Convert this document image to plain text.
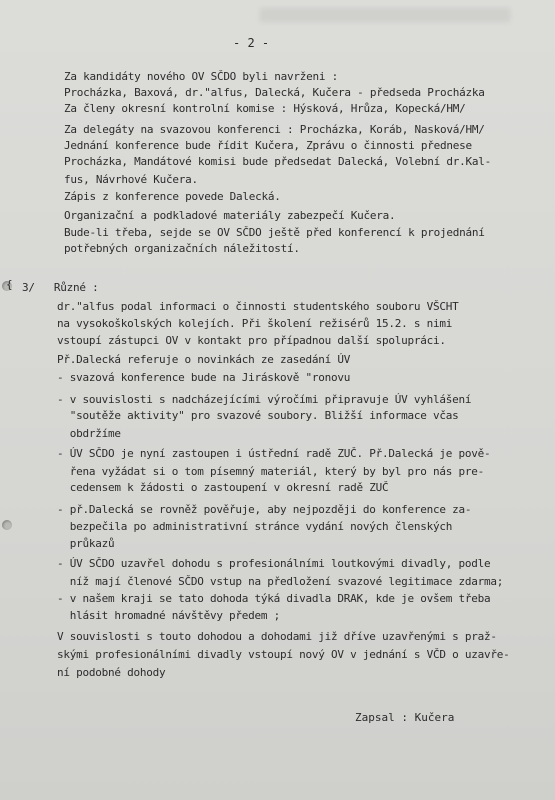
- 2 -
{
Za kandidáty nového OV SČDO byli navrženi :
Procházka, Baxová, dr."alfus, Dalecká, Kučera - předseda Procházka
Za členy okresní kontrolní komise : Hýsková, Hrůza, Kopecká/HM/
Za delegáty na svazovou konferenci : Procházka, Koráb, Nasková/HM/
Jednání konference bude řídit Kučera, Zprávu o činnosti přednese
Procházka, Mandátové komisi bude předsedat Dalecká, Volební dr.Kal-
fus, Návrhové Kučera.
Zápis z konference povede Dalecká.
Organizační a podkladové materiály zabezpečí Kučera.
Bude-li třeba, sejde se OV SČDO ještě před konferencí k projednání
potřebných organizačních náležitostí.
3/   Různé :
dr."alfus podal informaci o činnosti studentského souboru VŠCHT
na vysokoškolských kolejích. Při školení režisérů 15.2. s nimi
vstoupí zástupci OV v kontakt pro případnou další spolupráci.
Př.Dalecká referuje o novinkách ze zasedání ÚV
- svazová konference bude na Jiráskově "ronovu
- v souvislosti s nadcházejícími výročími připravuje ÚV vyhlášení
"soutěže aktivity" pro svazové soubory. Bližší informace včas
obdržíme
- ÚV SČDO je nyní zastoupen i ústřední radě ZUČ. Př.Dalecká je pově-
řena vyžádat si o tom písemný materiál, který by byl pro nás pre-
cedensem k žádosti o zastoupení v okresní radě ZUČ
- př.Dalecká se rovněž pověřuje, aby nejpozději do konference za-
bezpečila po administrativní stránce vydání nových členských
průkazů
- ÚV SČDO uzavřel dohodu s profesionálními loutkovými divadly, podle
níž mají členové SČDO vstup na předložení svazové legitimace zdarma;
- v našem kraji se tato dohoda týká divadla DRAK, kde je ovšem třeba
hlásit hromadné návštěvy předem ;
V souvislosti s touto dohodou a dohodami již dříve uzavřenými s praž-
skými profesionálními divadly vstoupí nový OV v jednání s VČD o uzavře-
ní podobné dohody
Zapsal : Kučera
